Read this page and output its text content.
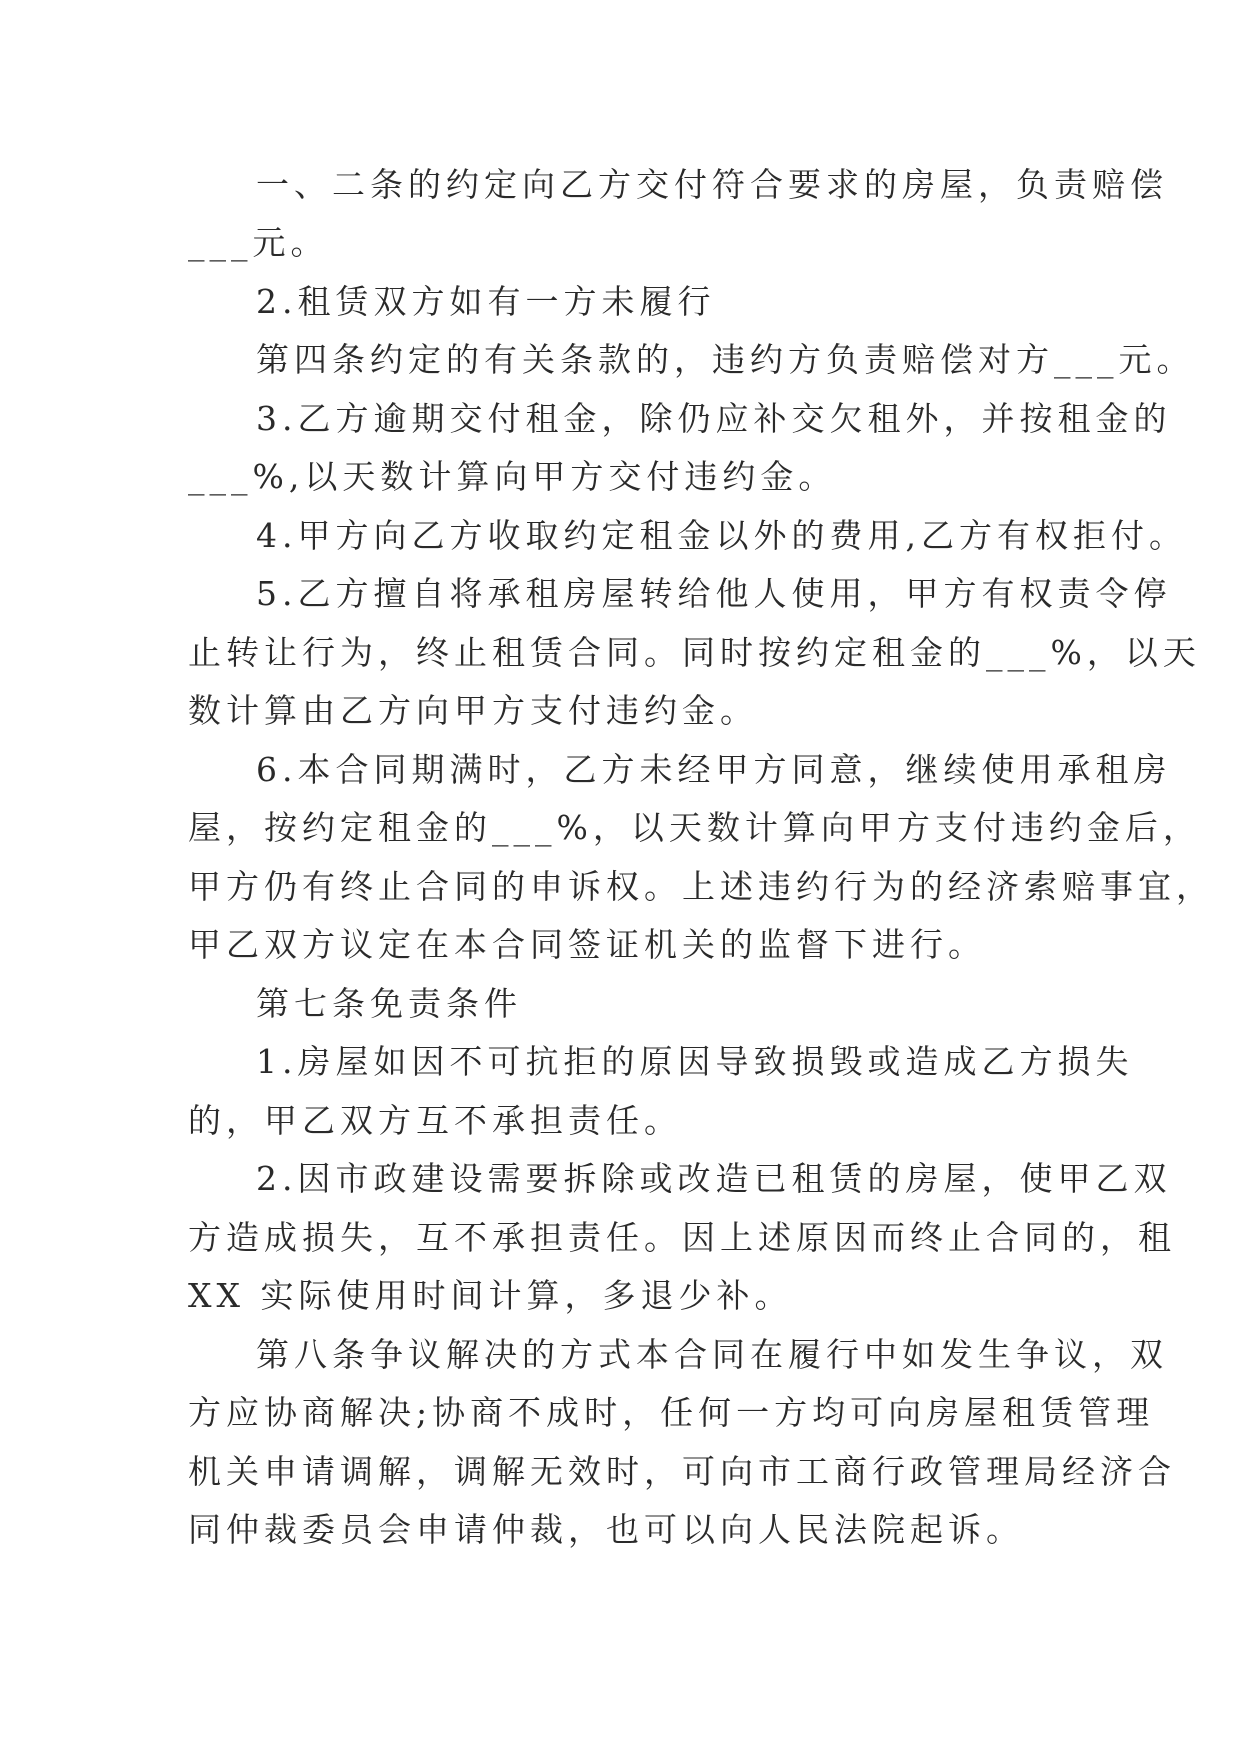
一、二条的约定向乙方交付符合要求的房屋，负责赔偿
___元。
2.租赁双方如有一方未履行
第四条约定的有关条款的，违约方负责赔偿对方___元。
3.乙方逾期交付租金，除仍应补交欠租外，并按租金的
___%,以天数计算向甲方交付违约金。
4.甲方向乙方收取约定租金以外的费用,乙方有权拒付。
5.乙方擅自将承租房屋转给他人使用，甲方有权责令停
止转让行为，终止租赁合同。同时按约定租金的___%，以天
数计算由乙方向甲方支付违约金。
6.本合同期满时，乙方未经甲方同意，继续使用承租房
屋，按约定租金的___%，以天数计算向甲方支付违约金后，
甲方仍有终止合同的申诉权。上述违约行为的经济索赔事宜，
甲乙双方议定在本合同签证机关的监督下进行。
第七条免责条件
1.房屋如因不可抗拒的原因导致损毁或造成乙方损失
的，甲乙双方互不承担责任。
2.因市政建设需要拆除或改造已租赁的房屋，使甲乙双
方造成损失，互不承担责任。因上述原因而终止合同的，租
XX 实际使用时间计算，多退少补。
第八条争议解决的方式本合同在履行中如发生争议，双
方应协商解决;协商不成时，任何一方均可向房屋租赁管理
机关申请调解，调解无效时，可向市工商行政管理局经济合
同仲裁委员会申请仲裁，也可以向人民法院起诉。
